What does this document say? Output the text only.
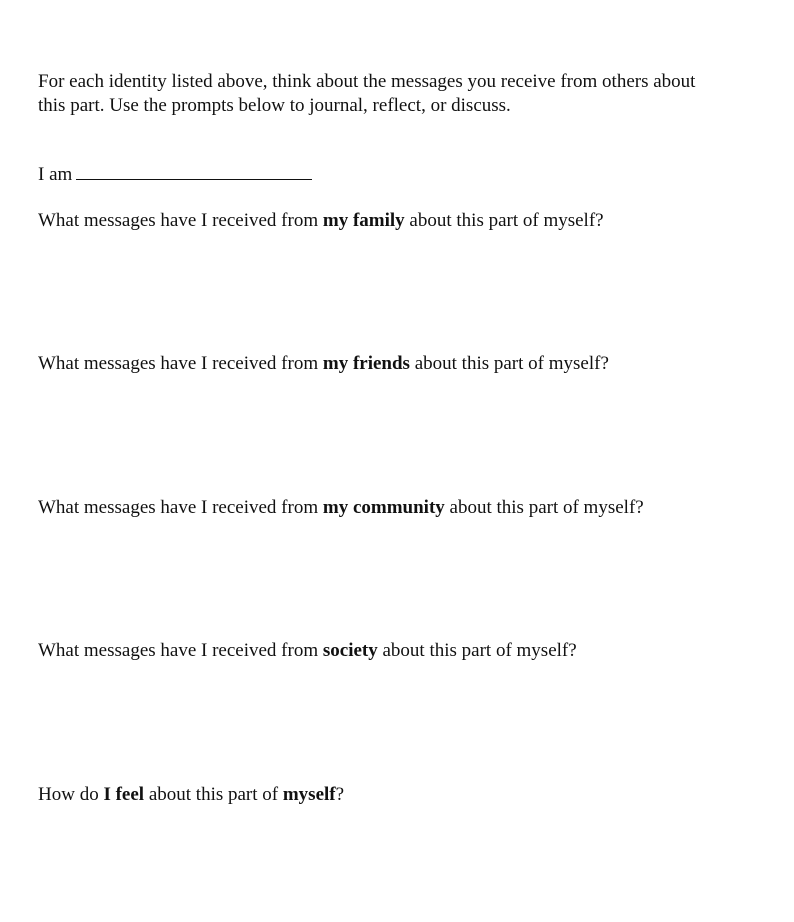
For each identity listed above, think about the messages you receive from others about
this part. Use the prompts below to journal, reflect, or discuss.
I am
What messages have I received from my family about this part of myself?
What messages have I received from my friends about this part of myself?
What messages have I received from my community about this part of myself?
What messages have I received from society about this part of myself?
How do I feel about this part of myself?
